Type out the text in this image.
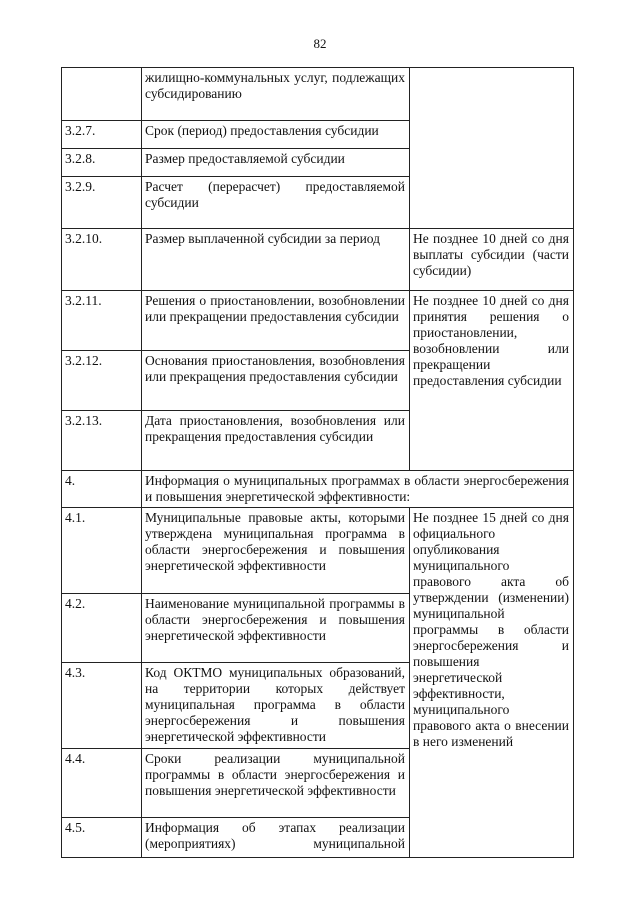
82
	жилищно-коммунальных услуг, подлежащих субсидированию	
3.2.7.	Срок (период) предоставления субсидии	
3.2.8.	Размер предоставляемой субсидии	
3.2.9.	Расчет (перерасчет) предоставляемой субсидии	
3.2.10.	Размер выплаченной субсидии за период	Не позднее 10 дней со дня выплаты субсидии (части субсидии)
3.2.11.	Решения о приостановлении, возобновлении или прекращении предоставления субсидии	Не позднее 10 дней со дня принятия решения о приостановлении, возобновлении или прекращении предоставления субсидии
3.2.12.	Основания приостановления, возобновления или прекращения предоставления субсидии	
3.2.13.	Дата приостановления, возобновления или прекращения предоставления субсидии	
4.	Информация о муниципальных программах в области энергосбережения и повышения энергетической эффективности:	
4.1.	Муниципальные правовые акты, которыми утверждена муниципальная программа в области энергосбережения и повышения энергетической эффективности	Не позднее 15 дней со дня официального опубликования муниципального правового акта об утверждении (изменении) муниципальной программы в области энергосбережения и повышения энергетической эффективности, муниципального правового акта о внесении в него изменений
4.2.	Наименование муниципальной программы в области энергосбережения и повышения энергетической эффективности	
4.3.	Код ОКТМО муниципальных образований, на территории которых действует муниципальная программа в области энергосбережения и повышения энергетической эффективности	
4.4.	Сроки реализации муниципальной программы в области энергосбережения и повышения энергетической эффективности	
4.5.	Информация об этапах реализации (мероприятиях) муниципальной	
